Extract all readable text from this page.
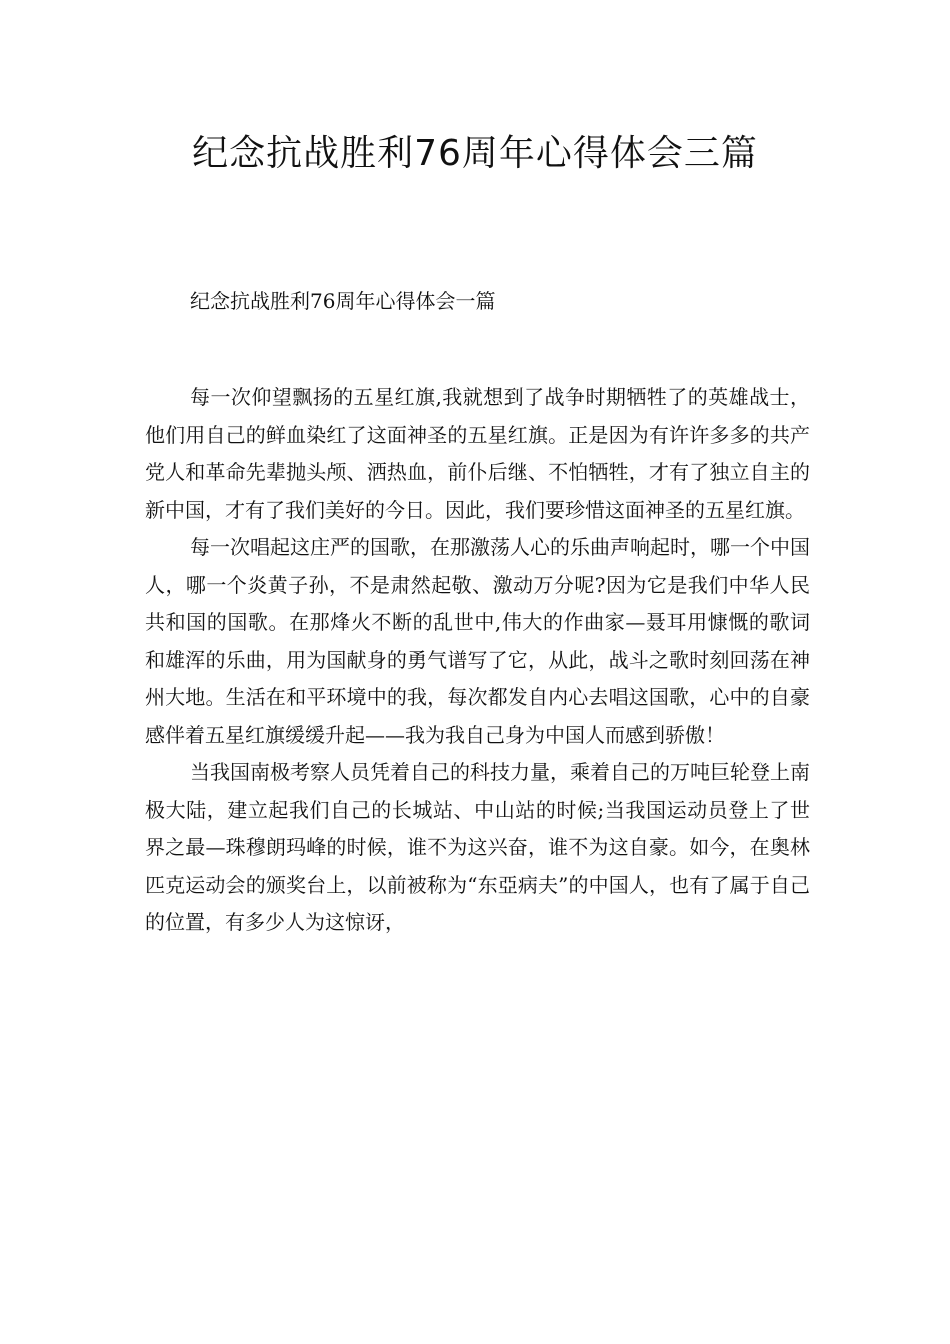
纪念抗战胜利76周年心得体会三篇
纪念抗战胜利76周年心得体会一篇

每一次仰望飘扬的五星红旗,我就想到了战争时期牺牲了的英雄战士，他们用自己的鲜血染红了这面神圣的五星红旗。正是因为有许许多多的共产党人和革命先辈抛头颅、洒热血，前仆后继、不怕牺牲，才有了独立自主的新中国，才有了我们美好的今日。因此，我们要珍惜这面神圣的五星红旗。

每一次唱起这庄严的国歌，在那激荡人心的乐曲声响起时，哪一个中国人，哪一个炎黄子孙，不是肃然起敬、激动万分呢?因为它是我们中华人民共和国的国歌。在那烽火不断的乱世中,伟大的作曲家—聂耳用慷慨的歌词和雄浑的乐曲，用为国献身的勇气谱写了它，从此，战斗之歌时刻回荡在神州大地。生活在和平环境中的我，每次都发自内心去唱这国歌，心中的自豪感伴着五星红旗缓缓升起——我为我自己身为中国人而感到骄傲！

当我国南极考察人员凭着自己的科技力量，乘着自己的万吨巨轮登上南极大陆，建立起我们自己的长城站、中山站的时候;当我国运动员登上了世界之最—珠穆朗玛峰的时候，谁不为这兴奋，谁不为这自豪。如今，在奥林匹克运动会的颁奖台上，以前被称为“东亞病夫”的中国人，也有了属于自己的位置，有多少人为这惊讶，
